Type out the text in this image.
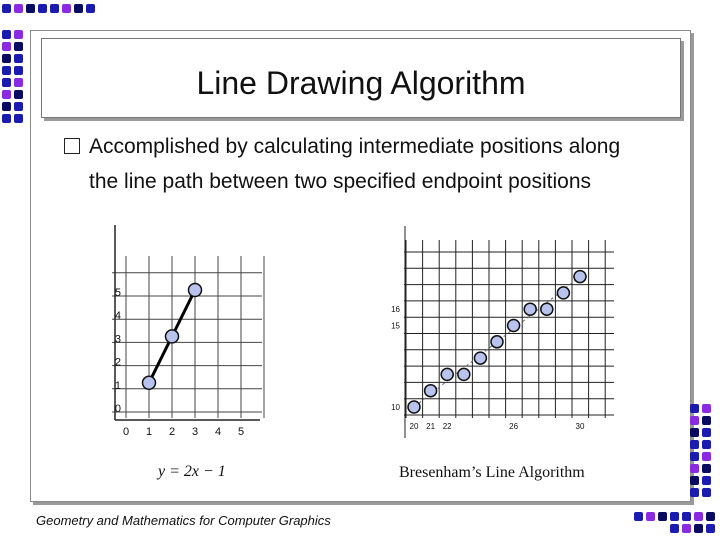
Line Drawing Algorithm
Accomplished by calculating intermediate positions along the line path between two specified endpoint positions
0 1 2 3 4 5
0
1
2
3
4
5
y = 2x − 1
20 21 22	26	30
10
15
16
Bresenham’s Line Algorithm
Geometry and Mathematics for Computer Graphics
